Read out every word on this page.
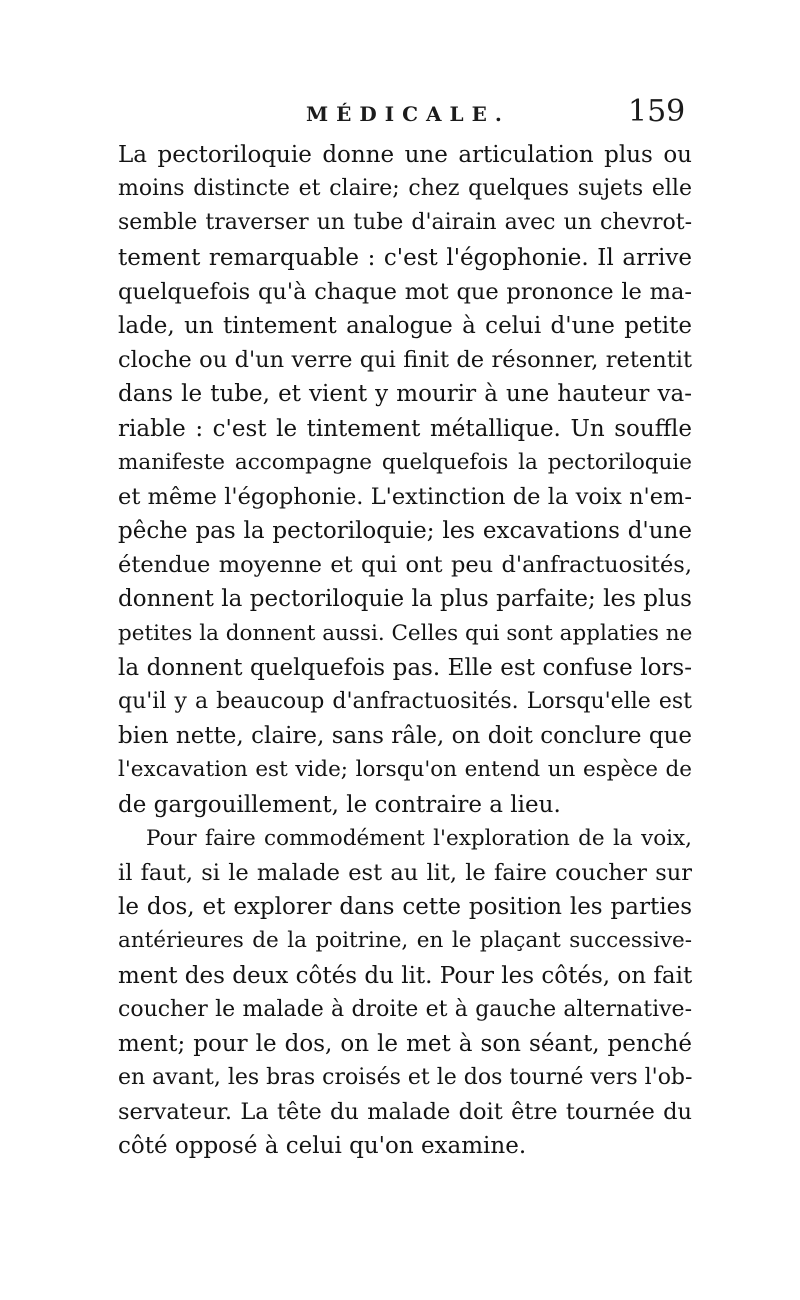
MÉDICALE.	159
La pectoriloquie donne une articulation plus ou
moins distincte et claire; chez quelques sujets elle
semble traverser un tube d'airain avec un chevrot-
tement remarquable : c'est l'égophonie. Il arrive
quelquefois qu'à chaque mot que prononce le ma-
lade, un tintement analogue à celui d'une petite
cloche ou d'un verre qui finit de résonner, retentit
dans le tube, et vient y mourir à une hauteur va-
riable : c'est le tintement métallique. Un souffle
manifeste accompagne quelquefois la pectoriloquie
et même l'égophonie. L'extinction de la voix n'em-
pêche pas la pectoriloquie; les excavations d'une
étendue moyenne et qui ont peu d'anfractuosités,
donnent la pectoriloquie la plus parfaite; les plus
petites la donnent aussi. Celles qui sont applaties ne
la donnent quelquefois pas. Elle est confuse lors-
qu'il y a beaucoup d'anfractuosités. Lorsqu'elle est
bien nette, claire, sans râle, on doit conclure que
l'excavation est vide; lorsqu'on entend un espèce de
de gargouillement, le contraire a lieu.
Pour faire commodément l'exploration de la voix,
il faut, si le malade est au lit, le faire coucher sur
le dos, et explorer dans cette position les parties
antérieures de la poitrine, en le plaçant successive-
ment des deux côtés du lit. Pour les côtés, on fait
coucher le malade à droite et à gauche alternative-
ment; pour le dos, on le met à son séant, penché
en avant, les bras croisés et le dos tourné vers l'ob-
servateur. La tête du malade doit être tournée du
côté opposé à celui qu'on examine.
